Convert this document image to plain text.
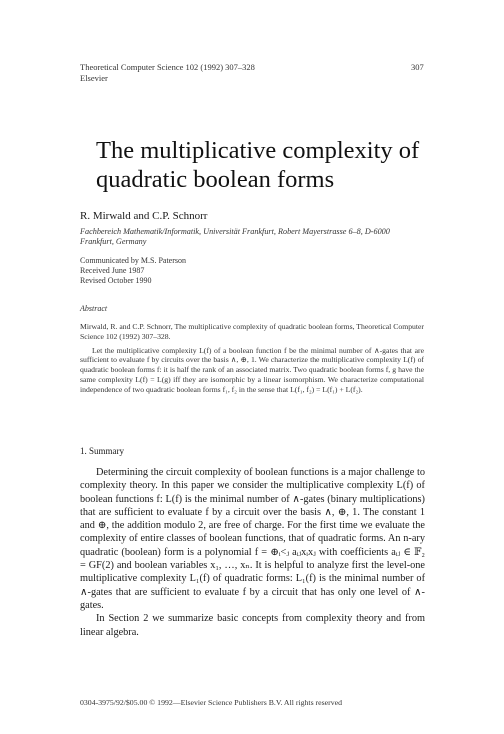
Theoretical Computer Science 102 (1992) 307–328
Elsevier
307
The multiplicative complexity of quadratic boolean forms
R. Mirwald and C.P. Schnorr
Fachbereich Mathematik/Informatik, Universität Frankfurt, Robert Mayerstrasse 6–8, D-6000 Frankfurt, Germany
Communicated by M.S. Paterson
Received June 1987
Revised October 1990
Abstract

Mirwald, R. and C.P. Schnorr, The multiplicative complexity of quadratic boolean forms, Theoretical Computer Science 102 (1992) 307–328.

Let the multiplicative complexity L(f) of a boolean function f be the minimal number of ∧-gates that are sufficient to evaluate f by circuits over the basis ∧, ⊕, 1. We characterize the multiplicative complexity L(f) of quadratic boolean forms f: it is half the rank of an associated matrix. Two quadratic boolean forms f, g have the same complexity L(f) = L(g) iff they are isomorphic by a linear isomorphism. We characterize computational independence of two quadratic boolean forms f₁, f₂ in the sense that L(f₁, f₂) = L(f₁) + L(f₂).

1. Summary

Determining the circuit complexity of boolean functions is a major challenge to complexity theory. In this paper we consider the multiplicative complexity L(f) of boolean functions f: L(f) is the minimal number of ∧-gates (binary multiplications) that are sufficient to evaluate f by a circuit over the basis ∧, ⊕, 1. The constant 1 and ⊕, the addition modulo 2, are free of charge. For the first time we evaluate the complexity of entire classes of boolean functions, that of quadratic forms. An n-ary quadratic (boolean) form is a polynomial f = ⊕ᵢ<ⱼ aᵢⱼxᵢxⱼ with coefficients aᵢⱼ ∈ 𝔽₂ = GF(2) and boolean variables x₁, …, xₙ. It is helpful to analyze first the level-one multiplicative complexity L₁(f) of quadratic forms: L₁(f) is the minimal number of ∧-gates that are sufficient to evaluate f by a circuit that has only one level of ∧-gates.

In Section 2 we summarize basic concepts from complexity theory and from linear algebra.

0304-3975/92/$05.00 © 1992—Elsevier Science Publishers B.V. All rights reserved
